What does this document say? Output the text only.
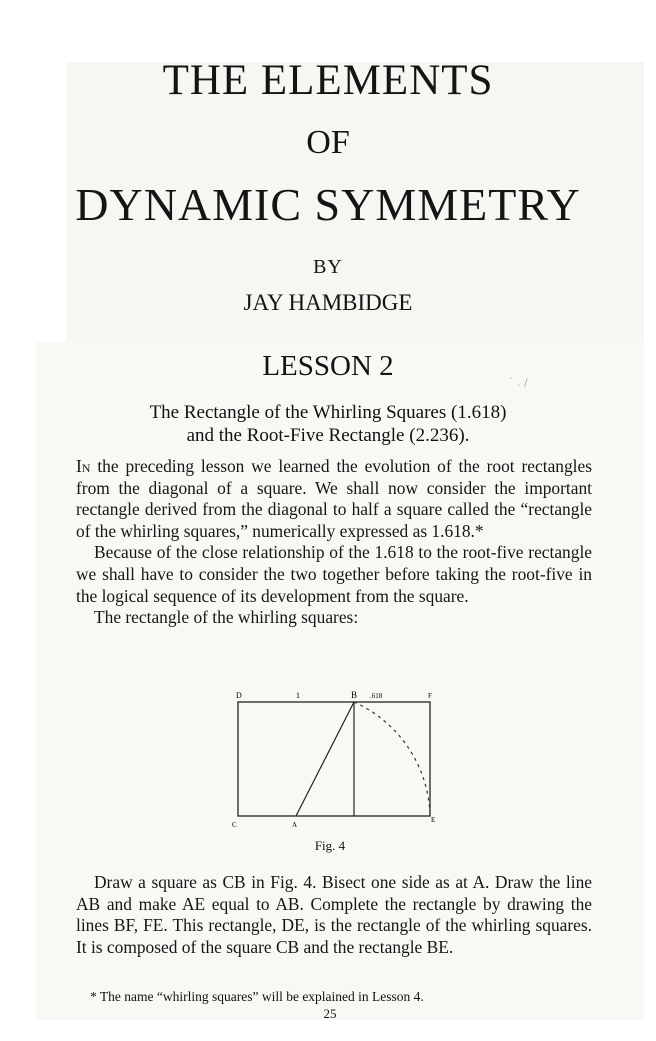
THE ELEMENTS
OF
DYNAMIC SYMMETRY
BY
JAY HAMBIDGE
LESSON 2
˙ . /
The Rectangle of the Whirling Squares (1.618)
and the Root-Five Rectangle (2.236).

In the preceding lesson we learned the evolution of the root rectangles from the diagonal of a square. We shall now consider the important rectangle derived from the diagonal to half a square called the “rectangle of the whirling squares,” numerically expressed as 1.618.*

Because of the close relationship of the 1.618 to the root-five rectangle we shall have to consider the two together before taking the root-five in the logical sequence of its development from the square.

The rectangle of the whirling squares:

D	1	B .618	F
C	A
E
Fig. 4

Draw a square as CB in Fig. 4. Bisect one side as at A. Draw the line AB and make AE equal to AB. Complete the rectangle by drawing the lines BF, FE. This rectangle, DE, is the rectangle of the whirling squares. It is composed of the square CB and the rectangle BE.

* The name “whirling squares” will be explained in Lesson 4.
25
